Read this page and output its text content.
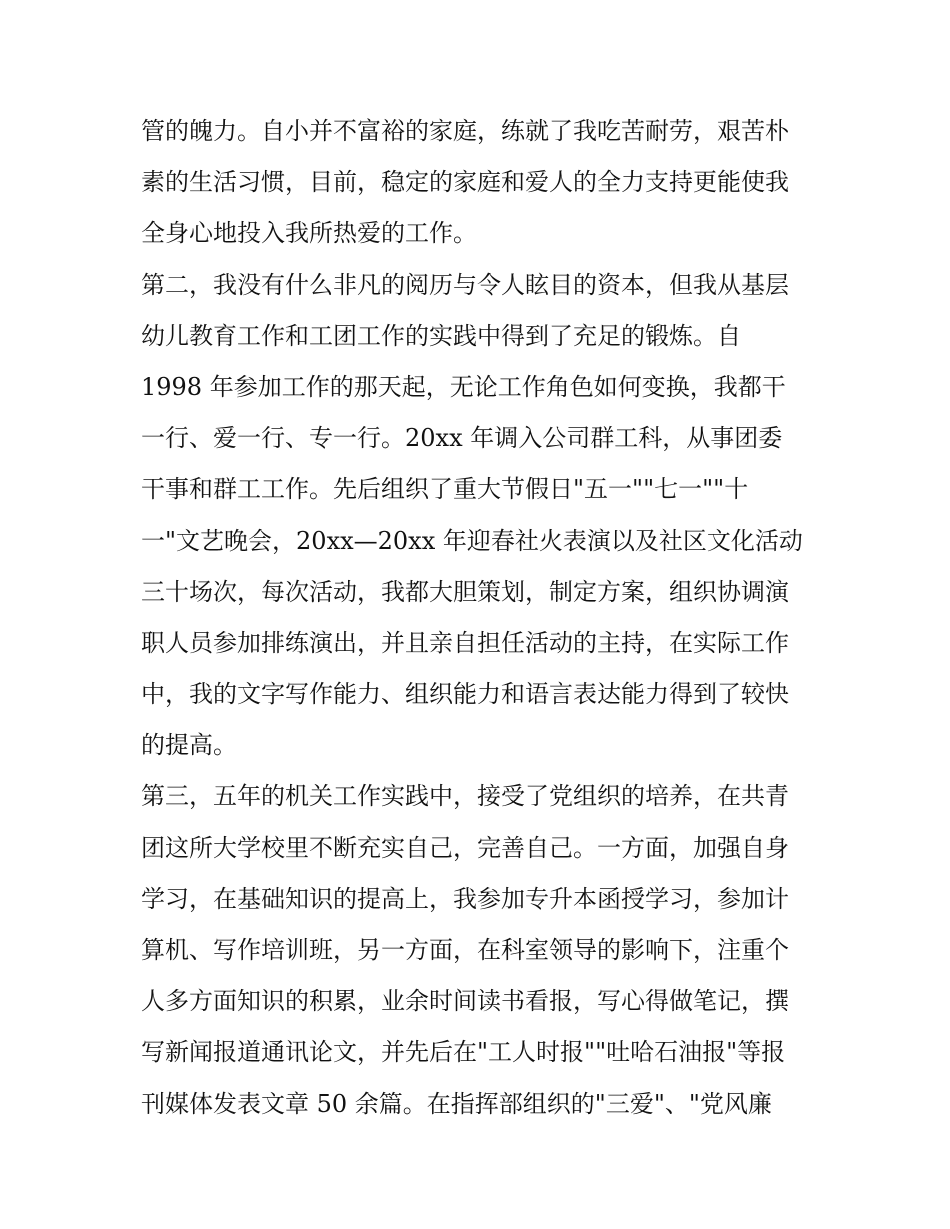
管的魄力。自小并不富裕的家庭，练就了我吃苦耐劳，艰苦朴
素的生活习惯，目前，稳定的家庭和爱人的全力支持更能使我
全身心地投入我所热爱的工作。
第二，我没有什么非凡的阅历与令人眩目的资本，但我从基层
幼儿教育工作和工团工作的实践中得到了充足的锻炼。自
1998 年参加工作的那天起，无论工作角色如何变换，我都干
一行、爱一行、专一行。20xx 年调入公司群工科，从事团委
干事和群工工作。先后组织了重大节假日"五一""七一""十
一"文艺晚会，20xx—20xx 年迎春社火表演以及社区文化活动
三十场次，每次活动，我都大胆策划，制定方案，组织协调演
职人员参加排练演出，并且亲自担任活动的主持，在实际工作
中，我的文字写作能力、组织能力和语言表达能力得到了较快
的提高。
第三，五年的机关工作实践中，接受了党组织的培养，在共青
团这所大学校里不断充实自己，完善自己。一方面，加强自身
学习，在基础知识的提高上，我参加专升本函授学习，参加计
算机、写作培训班，另一方面，在科室领导的影响下，注重个
人多方面知识的积累，业余时间读书看报，写心得做笔记，撰
写新闻报道通讯论文，并先后在"工人时报""吐哈石油报"等报
刊媒体发表文章 50 余篇。在指挥部组织的"三爱"、"党风廉
